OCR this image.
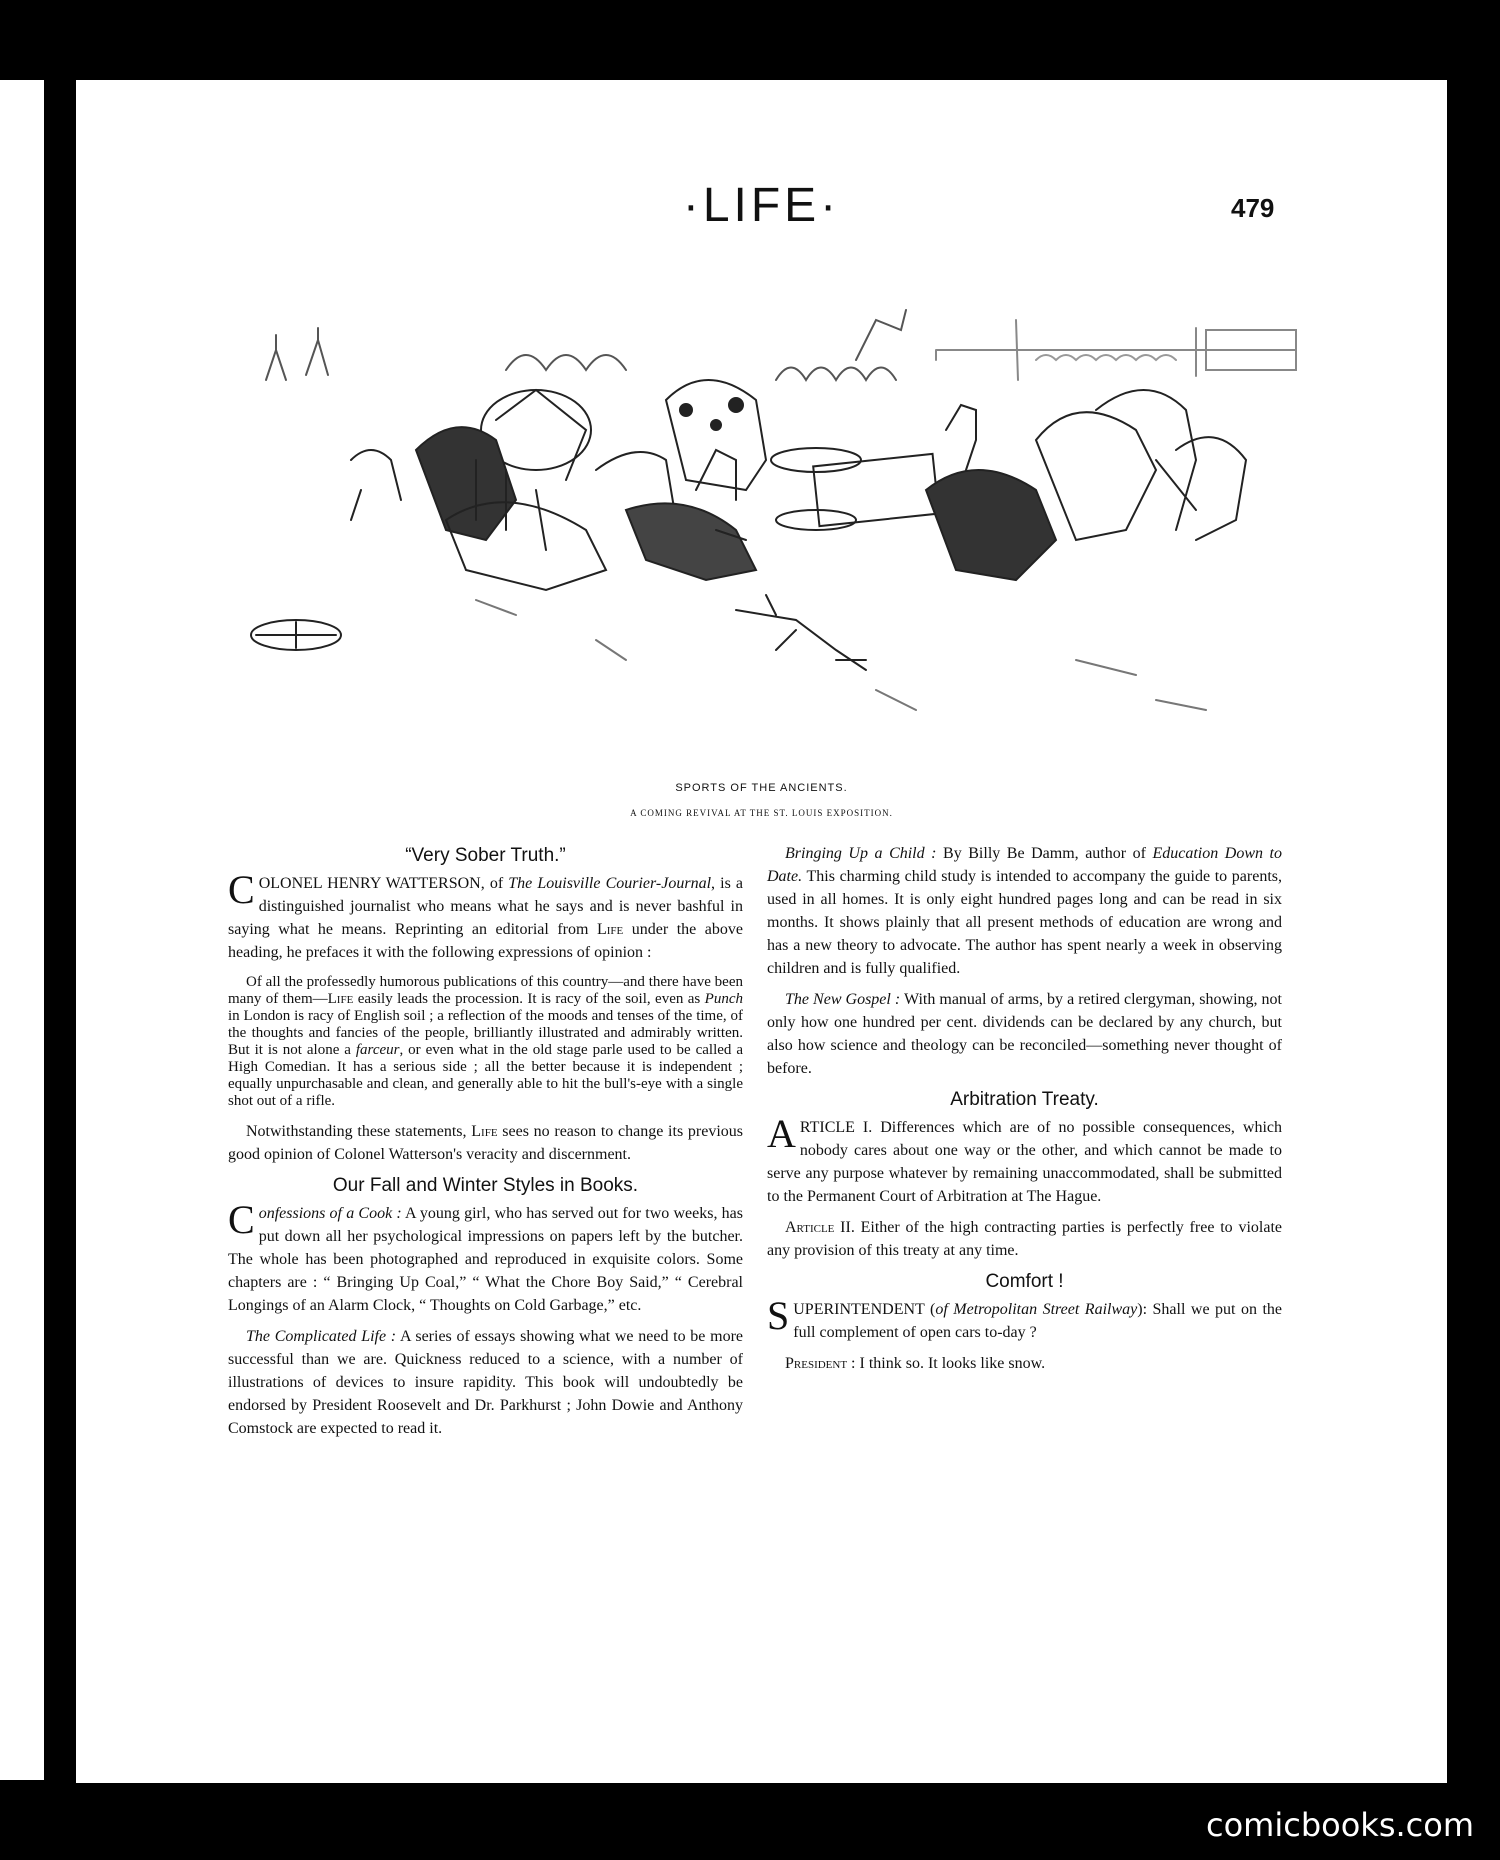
·LIFE·	479
SPORTS OF THE ANCIENTS.
A COMING REVIVAL AT THE ST. LOUIS EXPOSITION.
“Very Sober Truth.”

COLONEL HENRY WATTERSON, of The Louisville Courier-Journal, is a distinguished journalist who means what he says and is never bashful in saying what he means. Reprinting an editorial from Life under the above heading, he prefaces it with the following expressions of opinion :

Of all the professedly humorous publications of this country—and there have been many of them—Life easily leads the procession. It is racy of the soil, even as Punch in London is racy of English soil ; a reflection of the moods and tenses of the time, of the thoughts and fancies of the people, brilliantly illustrated and admirably written. But it is not alone a farceur, or even what in the old stage parle used to be called a High Comedian. It has a serious side ; all the better because it is independent ; equally unpurchasable and clean, and generally able to hit the bull's-eye with a single shot out of a rifle.

Notwithstanding these statements, Life sees no reason to change its previous good opinion of Colonel Watterson's veracity and discernment.

Our Fall and Winter Styles in Books.

Confessions of a Cook : A young girl, who has served out for two weeks, has put down all her psychological impressions on papers left by the butcher. The whole has been photographed and reproduced in exquisite colors. Some chapters are : “ Bringing Up Coal,” “ What the Chore Boy Said,” “ Cerebral Longings of an Alarm Clock, “ Thoughts on Cold Garbage,” etc.

The Complicated Life : A series of essays showing what we need to be more successful than we are. Quickness reduced to a science, with a number of illustrations of devices to insure rapidity. This book will undoubtedly be endorsed by President Roosevelt and Dr. Parkhurst ; John Dowie and Anthony Comstock are expected to read it.

Bringing Up a Child : By Billy Be Damm, author of Education Down to Date. This charming child study is intended to accompany the guide to parents, used in all homes. It is only eight hundred pages long and can be read in six months. It shows plainly that all present methods of education are wrong and has a new theory to advocate. The author has spent nearly a week in observing children and is fully qualified.

The New Gospel : With manual of arms, by a retired clergyman, showing, not only how one hundred per cent. dividends can be declared by any church, but also how science and theology can be reconciled—something never thought of before.

Arbitration Treaty.

ARTICLE I. Differences which are of no possible consequences, which nobody cares about one way or the other, and which cannot be made to serve any purpose whatever by remaining unaccommodated, shall be submitted to the Permanent Court of Arbitration at The Hague.

Article II. Either of the high contracting parties is perfectly free to violate any provision of this treaty at any time.

Comfort !

SUPERINTENDENT (of Metropolitan Street Railway): Shall we put on the full complement of open cars to-day ?

President : I think so. It looks like snow.

comicbooks.com
